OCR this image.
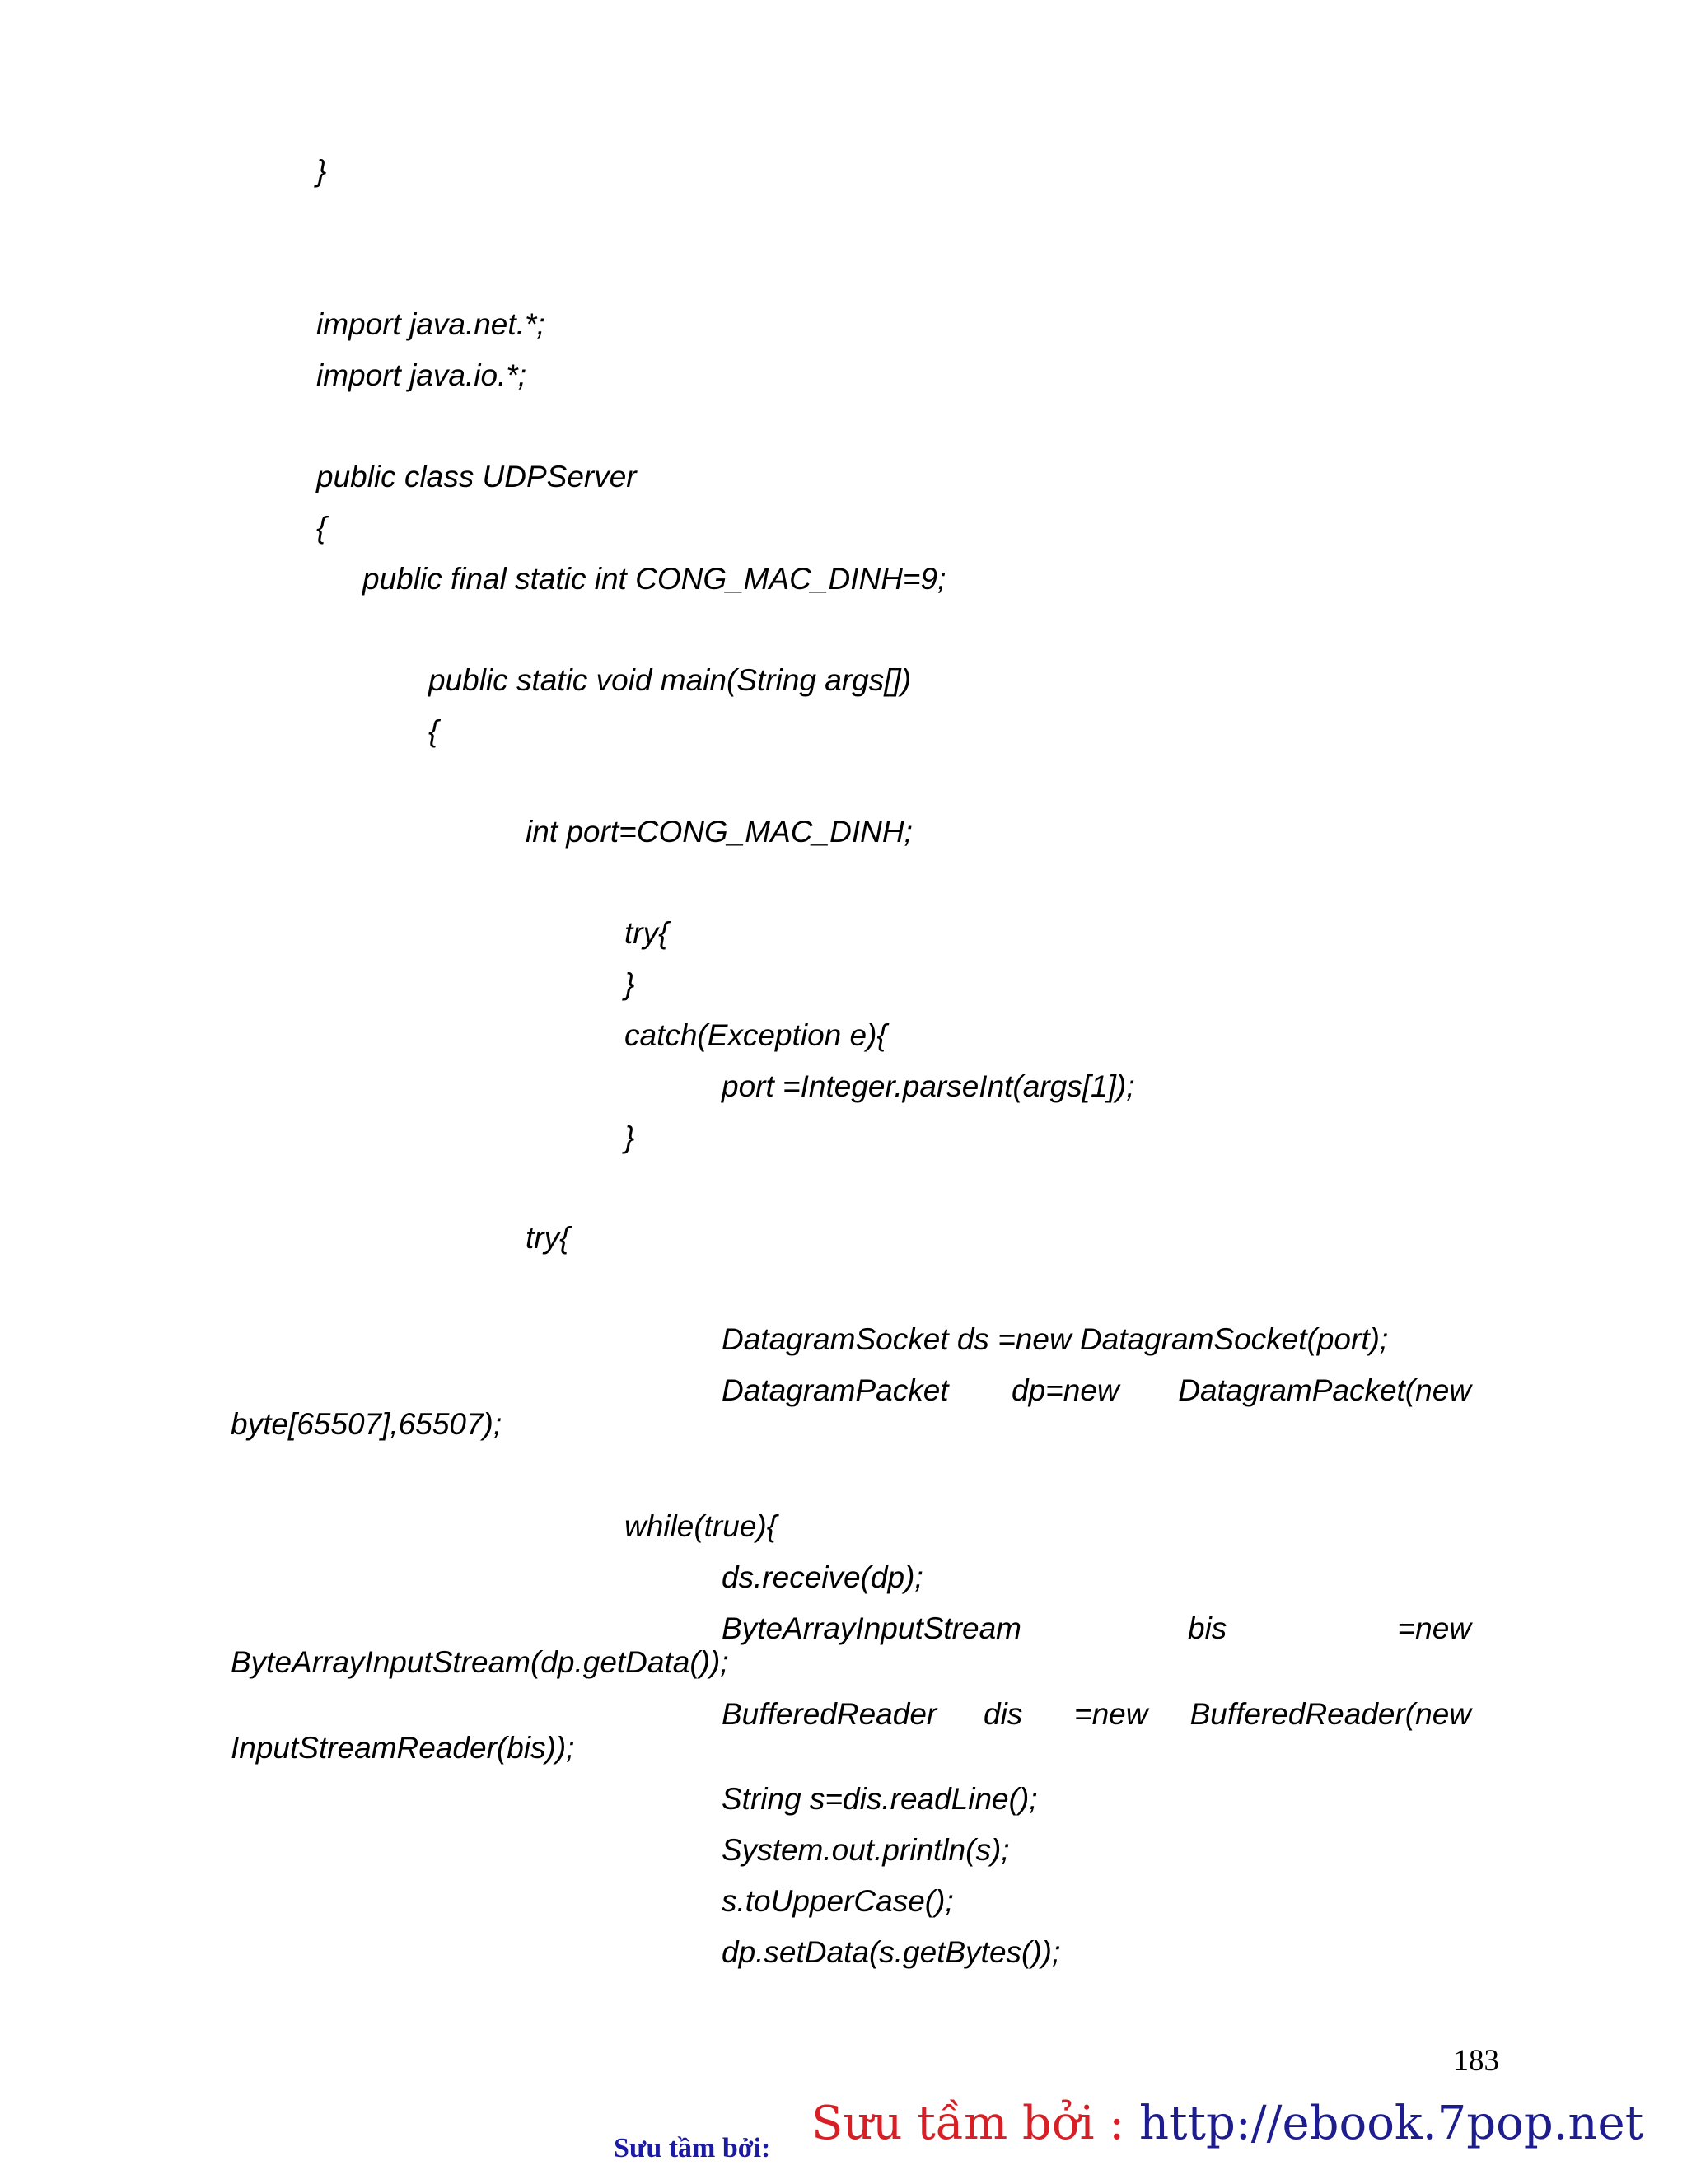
}
import java.net.*;
import java.io.*;
public class UDPServer
{
public final static int CONG_MAC_DINH=9;
public static void main(String args[])
{
int port=CONG_MAC_DINH;
try{
}
catch(Exception e){
port =Integer.parseInt(args[1]);
}
try{
DatagramSocket ds =new DatagramSocket(port);
DatagramPacket dp=new DatagramPacket(new
byte[65507],65507);
while(true){
ds.receive(dp);
ByteArrayInputStream	bis	=new
ByteArrayInputStream(dp.getData());
BufferedReader dis =new BufferedReader(new
InputStreamReader(bis));
String s=dis.readLine();
System.out.println(s);
s.toUpperCase();
dp.setData(s.getBytes());
183
Sưu tầm bởi: Sưu tầm bởi : http://ebook.7pop.net
